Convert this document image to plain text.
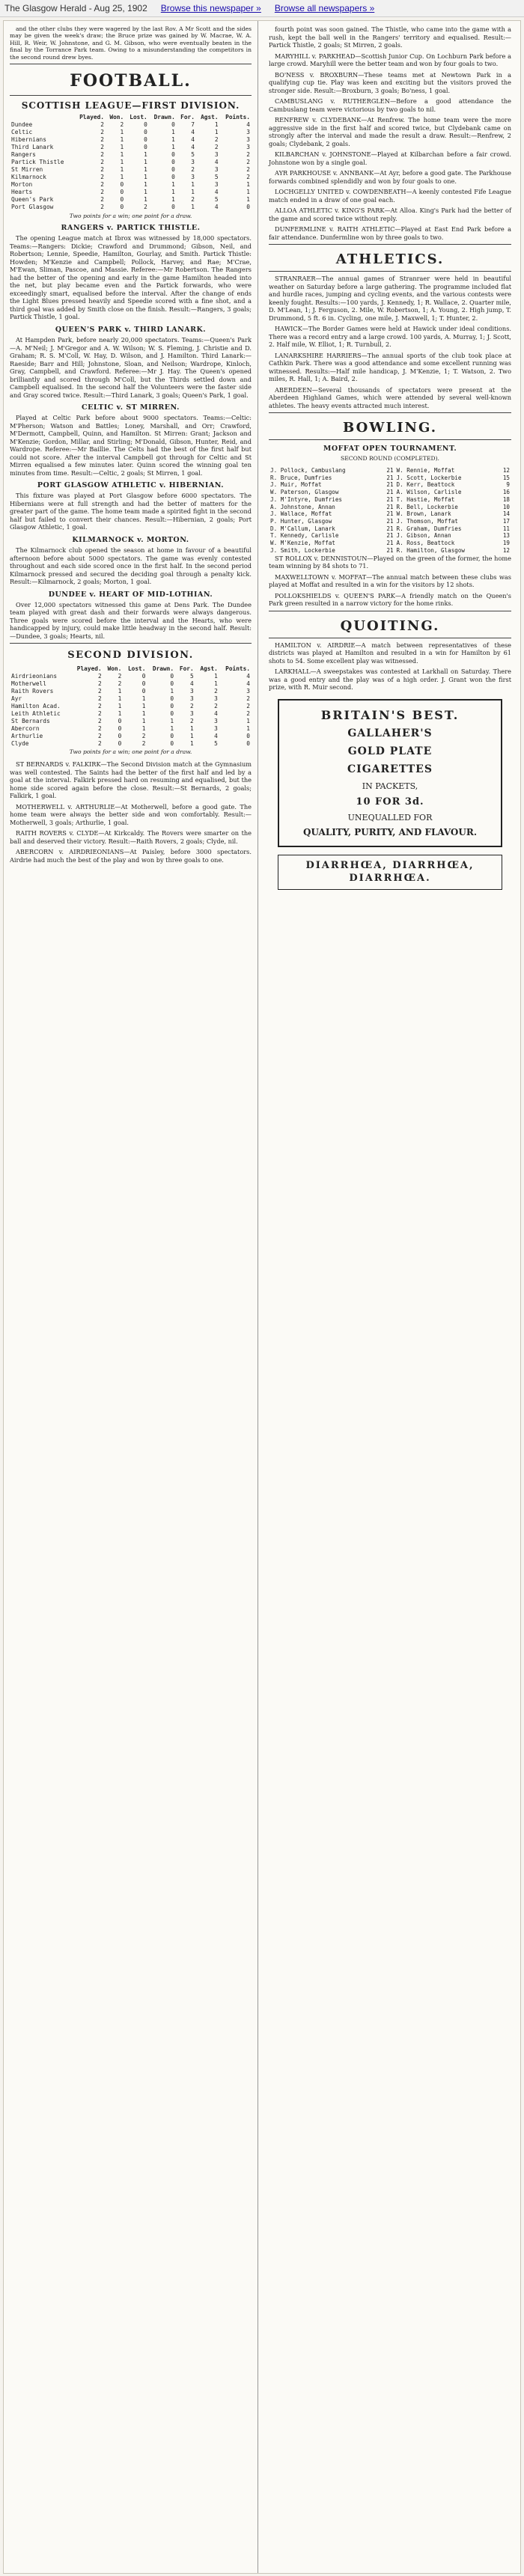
The Glasgow Herald - Aug 25, 1902 Browse this newspaper » Browse all newspapers »

and the other clubs they were wagered by the last Rov. A Mr Scott and the sides may be given the week's draw; the Bruce prize was gained by W. Macrae, W. A. Hill, R. Weir, W. Johnstone, and G. M. Gibson, who were eventually beaten in the final by the Torrance Park team. Owing to a misunderstanding the competitors in the second round drew byes.

FOOTBALL.
SCOTTISH LEAGUE—FIRST DIVISION.
	Played.	Won.	Lost.	Drawn.	For.	Agst.	Points.
Dundee	2	2	0	0	7	1	4
Celtic	2	1	0	1	4	1	3
Hibernians	2	1	0	1	4	2	3
Third Lanark	2	1	0	1	4	2	3
Rangers	2	1	1	0	5	3	2
Partick Thistle	2	1	1	0	3	4	2
St Mirren	2	1	1	0	2	3	2
Kilmarnock	2	1	1	0	3	5	2
Morton	2	0	1	1	1	3	1
Hearts	2	0	1	1	1	4	1
Queen's Park	2	0	1	1	2	5	1
Port Glasgow	2	0	2	0	1	4	0
Two points for a win; one point for a draw.
RANGERS v. PARTICK THISTLE.

The opening League match at Ibrox was witnessed by 18,000 spectators. Teams:—Rangers: Dickie; Crawford and Drummond; Gibson, Neil, and Robertson; Lennie, Speedie, Hamilton, Gourlay, and Smith. Partick Thistle: Howden; M'Kenzie and Campbell; Pollock, Harvey, and Rae; M'Crae, M'Ewan, Sliman, Pascoe, and Massie. Referee:—Mr Robertson. The Rangers had the better of the opening and early in the game Hamilton headed into the net, but play became even and the Partick forwards, who were exceedingly smart, equalised before the interval. After the change of ends the Light Blues pressed heavily and Speedie scored with a fine shot, and a third goal was added by Smith close on the finish. Result:—Rangers, 3 goals; Partick Thistle, 1 goal.

QUEEN'S PARK v. THIRD LANARK.

At Hampden Park, before nearly 20,000 spectators. Teams:—Queen's Park—A. M'Neil; J. M'Gregor and A. W. Wilson; W. S. Fleming, J. Christie and D. Graham; R. S. M'Coll, W. Hay, D. Wilson, and J. Hamilton. Third Lanark:—Raeside; Barr and Hill; Johnstone, Sloan, and Neilson; Wardrope, Kinloch, Gray, Campbell, and Crawford. Referee:—Mr J. Hay. The Queen's opened brilliantly and scored through M'Coll, but the Thirds settled down and Campbell equalised. In the second half the Volunteers were the faster side and Gray scored twice. Result:—Third Lanark, 3 goals; Queen's Park, 1 goal.

CELTIC v. ST MIRREN.

Played at Celtic Park before about 9000 spectators. Teams:—Celtic: M'Pherson; Watson and Battles; Loney, Marshall, and Orr; Crawford, M'Dermott, Campbell, Quinn, and Hamilton. St Mirren: Grant; Jackson and M'Kenzie; Gordon, Millar, and Stirling; M'Donald, Gibson, Hunter, Reid, and Wardrope. Referee:—Mr Baillie. The Celts had the best of the first half but could not score. After the interval Campbell got through for Celtic and St Mirren equalised a few minutes later. Quinn scored the winning goal ten minutes from time. Result:—Celtic, 2 goals; St Mirren, 1 goal.

PORT GLASGOW ATHLETIC v. HIBERNIAN.

This fixture was played at Port Glasgow before 6000 spectators. The Hibernians were at full strength and had the better of matters for the greater part of the game. The home team made a spirited fight in the second half but failed to convert their chances. Result:—Hibernian, 2 goals; Port Glasgow Athletic, 1 goal.

KILMARNOCK v. MORTON.

The Kilmarnock club opened the season at home in favour of a beautiful afternoon before about 5000 spectators. The game was evenly contested throughout and each side scored once in the first half. In the second period Kilmarnock pressed and secured the deciding goal through a penalty kick. Result:—Kilmarnock, 2 goals; Morton, 1 goal.

DUNDEE v. HEART OF MID-LOTHIAN.

Over 12,000 spectators witnessed this game at Dens Park. The Dundee team played with great dash and their forwards were always dangerous. Three goals were scored before the interval and the Hearts, who were handicapped by injury, could make little headway in the second half. Result:—Dundee, 3 goals; Hearts, nil.

SECOND DIVISION.
	Played.	Won.	Lost.	Drawn.	For.	Agst.	Points.
Airdrieonians	2	2	0	0	5	1	4
Motherwell	2	2	0	0	4	1	4
Raith Rovers	2	1	0	1	3	2	3
Ayr	2	1	1	0	3	3	2
Hamilton Acad.	2	1	1	0	2	2	2
Leith Athletic	2	1	1	0	3	4	2
St Bernards	2	0	1	1	2	3	1
Abercorn	2	0	1	1	1	3	1
Arthurlie	2	0	2	0	1	4	0
Clyde	2	0	2	0	1	5	0
Two points for a win; one point for a draw.

ST BERNARDS v. FALKIRK—The Second Division match at the Gymnasium was well contested. The Saints had the better of the first half and led by a goal at the interval. Falkirk pressed hard on resuming and equalised, but the home side scored again before the close. Result:—St Bernards, 2 goals; Falkirk, 1 goal.

MOTHERWELL v. ARTHURLIE—At Motherwell, before a good gate. The home team were always the better side and won comfortably. Result:—Motherwell, 3 goals; Arthurlie, 1 goal.

RAITH ROVERS v. CLYDE—At Kirkcaldy. The Rovers were smarter on the ball and deserved their victory. Result:—Raith Rovers, 2 goals; Clyde, nil.

ABERCORN v. AIRDRIEONIANS—At Paisley, before 3000 spectators. Airdrie had much the best of the play and won by three goals to one.

fourth point was soon gained. The Thistle, who came into the game with a rush, kept the ball well in the Rangers' territory and equalised. Result:—Partick Thistle, 2 goals; St Mirren, 2 goals.

MARYHILL v. PARKHEAD—Scottish Junior Cup. On Lochburn Park before a large crowd. Maryhill were the better team and won by four goals to two.

BO'NESS v. BROXBURN—These teams met at Newtown Park in a qualifying cup tie. Play was keen and exciting but the visitors proved the stronger side. Result:—Broxburn, 3 goals; Bo'ness, 1 goal.

CAMBUSLANG v. RUTHERGLEN—Before a good attendance the Cambuslang team were victorious by two goals to nil.

RENFREW v. CLYDEBANK—At Renfrew. The home team were the more aggressive side in the first half and scored twice, but Clydebank came on strongly after the interval and made the result a draw. Result:—Renfrew, 2 goals; Clydebank, 2 goals.

KILBARCHAN v. JOHNSTONE—Played at Kilbarchan before a fair crowd. Johnstone won by a single goal.

AYR PARKHOUSE v. ANNBANK—At Ayr, before a good gate. The Parkhouse forwards combined splendidly and won by four goals to one.

LOCHGELLY UNITED v. COWDENBEATH—A keenly contested Fife League match ended in a draw of one goal each.

ALLOA ATHLETIC v. KING'S PARK—At Alloa. King's Park had the better of the game and scored twice without reply.

DUNFERMLINE v. RAITH ATHLETIC—Played at East End Park before a fair attendance. Dunfermline won by three goals to two.

ATHLETICS.

STRANRAER—The annual games of Stranraer were held in beautiful weather on Saturday before a large gathering. The programme included flat and hurdle races, jumping and cycling events, and the various contests were keenly fought. Results:—100 yards, J. Kennedy, 1; R. Wallace, 2. Quarter mile, D. M'Lean, 1; J. Ferguson, 2. Mile, W. Robertson, 1; A. Young, 2. High jump, T. Drummond, 5 ft. 6 in. Cycling, one mile, J. Maxwell, 1; T. Hunter, 2.

HAWICK—The Border Games were held at Hawick under ideal conditions. There was a record entry and a large crowd. 100 yards, A. Murray, 1; J. Scott, 2. Half mile, W. Elliot, 1; R. Turnbull, 2.

LANARKSHIRE HARRIERS—The annual sports of the club took place at Cathkin Park. There was a good attendance and some excellent running was witnessed. Results:—Half mile handicap, J. M'Kenzie, 1; T. Watson, 2. Two miles, R. Hall, 1; A. Baird, 2.

ABERDEEN—Several thousands of spectators were present at the Aberdeen Highland Games, which were attended by several well-known athletes. The heavy events attracted much interest.

BOWLING.
MOFFAT OPEN TOURNAMENT.
SECOND ROUND (COMPLETED).
J. Pollock, Cambuslang	21	W. Rennie, Moffat	12
R. Bruce, Dumfries	21	J. Scott, Lockerbie	15
J. Muir, Moffat	21	D. Kerr, Beattock	9
W. Paterson, Glasgow	21	A. Wilson, Carlisle	16
J. M'Intyre, Dumfries	21	T. Hastie, Moffat	18
A. Johnstone, Annan	21	R. Bell, Lockerbie	10
J. Wallace, Moffat	21	W. Brown, Lanark	14
P. Hunter, Glasgow	21	J. Thomson, Moffat	17
D. M'Callum, Lanark	21	R. Graham, Dumfries	11
T. Kennedy, Carlisle	21	J. Gibson, Annan	13
W. M'Kenzie, Moffat	21	A. Ross, Beattock	19
J. Smith, Lockerbie	21	R. Hamilton, Glasgow	12

ST ROLLOX v. DENNISTOUN—Played on the green of the former, the home team winning by 84 shots to 71.

MAXWELLTOWN v. MOFFAT—The annual match between these clubs was played at Moffat and resulted in a win for the visitors by 12 shots.

POLLOKSHIELDS v. QUEEN'S PARK—A friendly match on the Queen's Park green resulted in a narrow victory for the home rinks.

QUOITING.

HAMILTON v. AIRDRIE—A match between representatives of these districts was played at Hamilton and resulted in a win for Hamilton by 61 shots to 54. Some excellent play was witnessed.

LARKHALL—A sweepstakes was contested at Larkhall on Saturday. There was a good entry and the play was of a high order. J. Grant won the first prize, with R. Muir second.

BRITAIN'S BEST.
GALLAHER'S
GOLD PLATE
CIGARETTES
IN PACKETS,
10 FOR 3d.
UNEQUALLED FOR
QUALITY, PURITY, AND FLAVOUR.
DIARRHŒA, DIARRHŒA, DIARRHŒA.
